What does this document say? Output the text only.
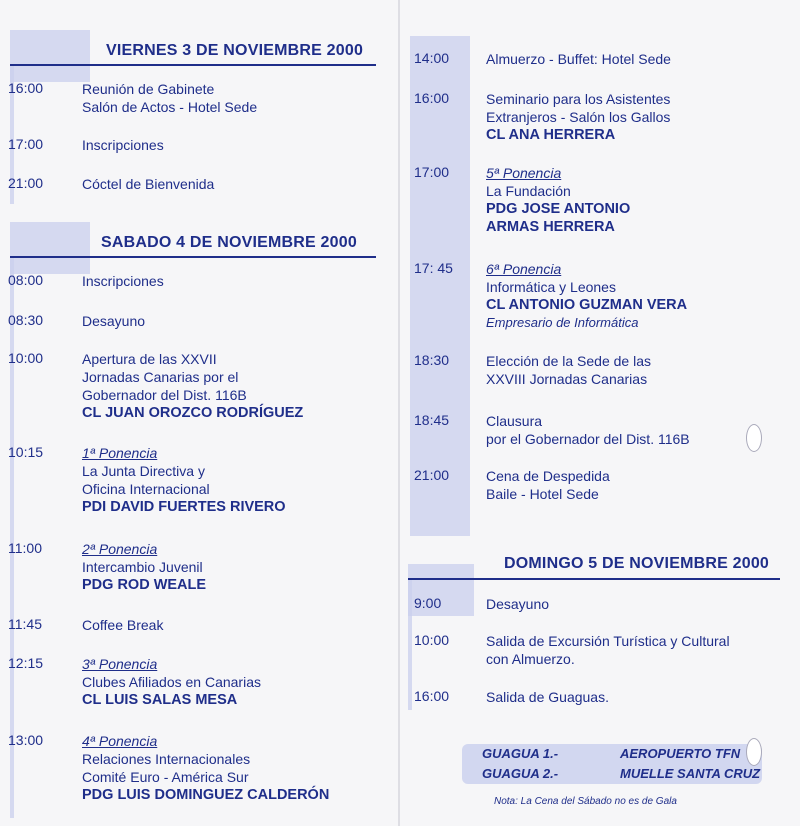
VIERNES 3 DE NOVIEMBRE 2000
16:00	Reunión de Gabinete
Salón de Actos - Hotel Sede
17:00	Inscripciones
21:00	Cóctel de Bienvenida
SABADO 4 DE NOVIEMBRE 2000
08:00	Inscripciones
08:30	Desayuno
10:00	Apertura de las XXVII
Jornadas Canarias por el
Gobernador del Dist. 116B
CL JUAN OROZCO RODRÍGUEZ
10:15	1ª Ponencia
La Junta Directiva y
Oficina Internacional
PDI DAVID FUERTES RIVERO
11:00	2ª Ponencia
Intercambio Juvenil
PDG ROD WEALE
11:45	Coffee Break
12:15	3ª Ponencia
Clubes Afiliados en Canarias
CL LUIS SALAS MESA
13:00	4ª Ponencia
Relaciones Internacionales
Comité Euro - América Sur
PDG LUIS DOMINGUEZ CALDERÓN
14:00	Almuerzo - Buffet: Hotel Sede
16:00	Seminario para los Asistentes
Extranjeros - Salón los Gallos
CL ANA HERRERA
17:00	5ª Ponencia
La Fundación
PDG JOSE ANTONIO
ARMAS HERRERA
17: 45 6ª Ponencia
Informática y Leones
CL ANTONIO GUZMAN VERA
Empresario de Informática
18:30	Elección de la Sede de las
XXVIII Jornadas Canarias
18:45	Clausura
por el Gobernador del Dist. 116B
21:00	Cena de Despedida
Baile - Hotel Sede
DOMINGO 5 DE NOVIEMBRE 2000
9:00	Desayuno
10:00	Salida de Excursión Turística y Cultural
con Almuerzo.
16:00	Salida de Guaguas.
GUAGUA 1.-	AEROPUERTO TFN
GUAGUA 2.-	MUELLE SANTA CRUZ
Nota: La Cena del Sábado no es de Gala
